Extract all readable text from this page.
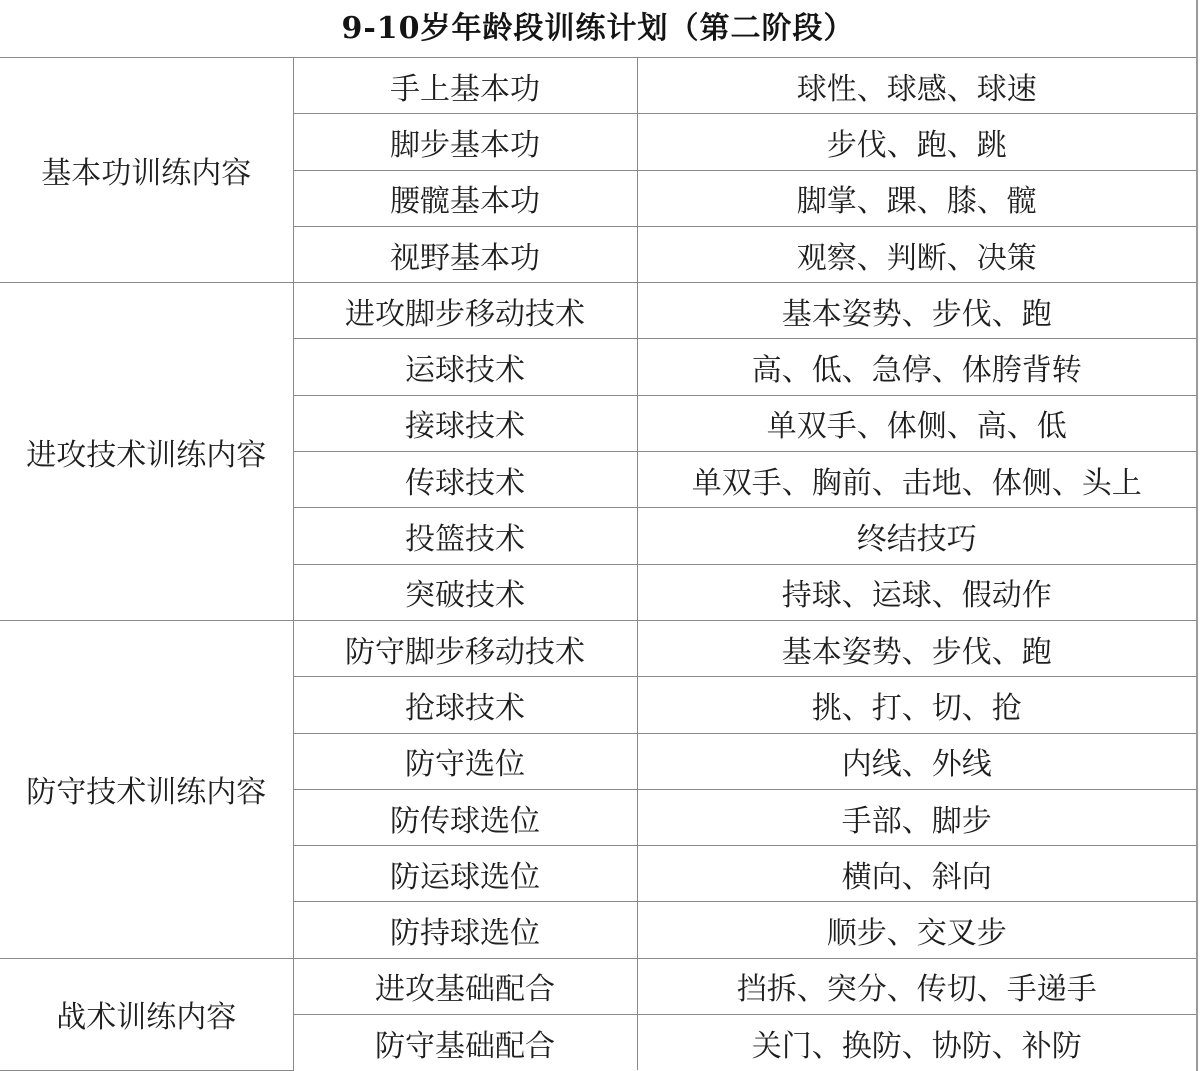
9-10岁年龄段训练计划（第二阶段）
基本功训练内容	手上基本功	球性、球感、球速
	脚步基本功	步伐、跑、跳
	腰髋基本功	脚掌、踝、膝、髋
	视野基本功	观察、判断、决策
进攻技术训练内容	进攻脚步移动技术	基本姿势、步伐、跑
	运球技术	高、低、急停、体胯背转
	接球技术	单双手、体侧、高、低
	传球技术	单双手、胸前、击地、体侧、头上
	投篮技术	终结技巧
	突破技术	持球、运球、假动作
防守技术训练内容	防守脚步移动技术	基本姿势、步伐、跑
	抢球技术	挑、打、切、抢
	防守选位	内线、外线
	防传球选位	手部、脚步
	防运球选位	横向、斜向
	防持球选位	顺步、交叉步
战术训练内容	进攻基础配合	挡拆、突分、传切、手递手
	防守基础配合	关门、换防、协防、补防
